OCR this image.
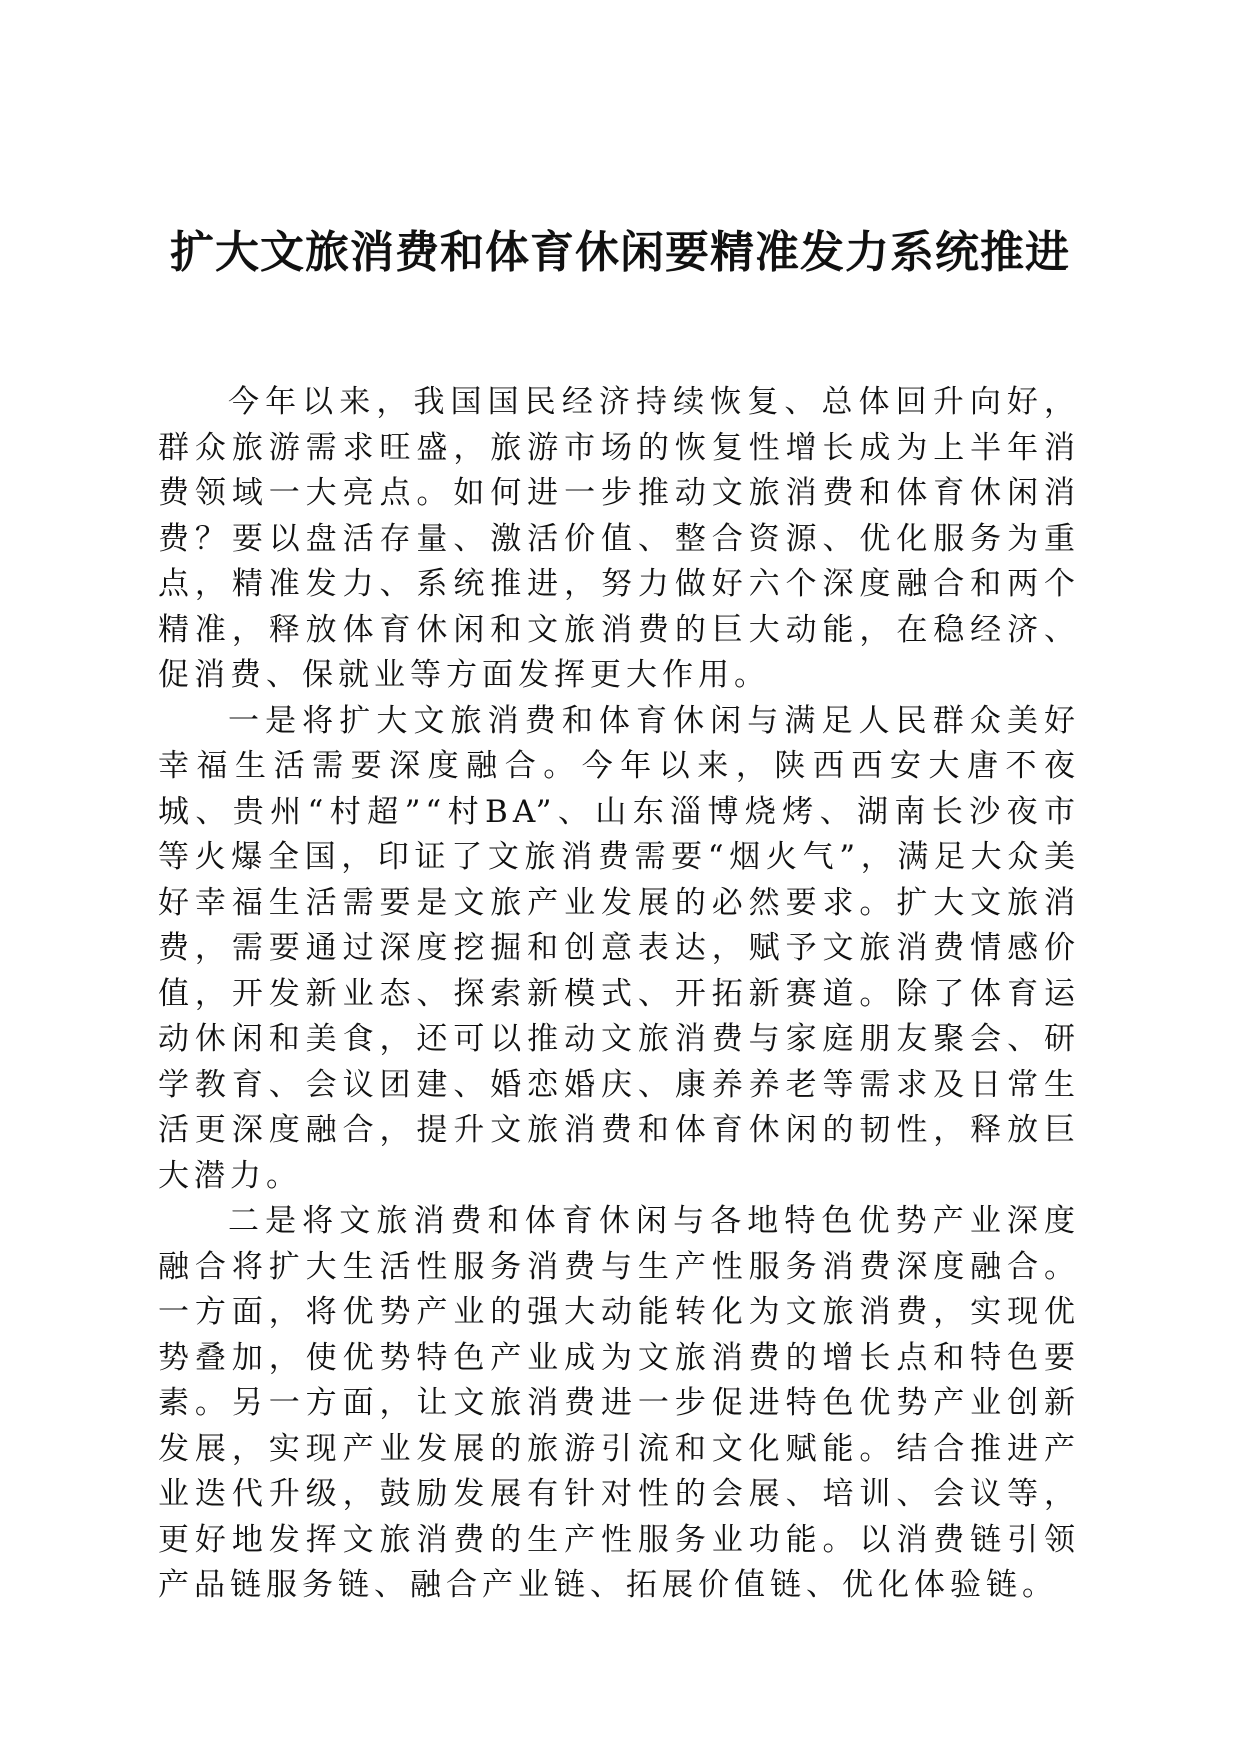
扩大文旅消费和体育休闲要精准发力系统推进

今年以来，我国国民经济持续恢复、总体回升向好，群众旅游需求旺盛，旅游市场的恢复性增长成为上半年消费领域一大亮点。如何进一步推动文旅消费和体育休闲消费？要以盘活存量、激活价值、整合资源、优化服务为重点，精准发力、系统推进，努力做好六个深度融合和两个精准，释放体育休闲和文旅消费的巨大动能，在稳经济、促消费、保就业等方面发挥更大作用。

一是将扩大文旅消费和体育休闲与满足人民群众美好幸福生活需要深度融合。今年以来，陕西西安大唐不夜城、贵州“村超”“村BA”、山东淄博烧烤、湖南长沙夜市等火爆全国，印证了文旅消费需要“烟火气”，满足大众美好幸福生活需要是文旅产业发展的必然要求。扩大文旅消费，需要通过深度挖掘和创意表达，赋予文旅消费情感价值，开发新业态、探索新模式、开拓新赛道。除了体育运动休闲和美食，还可以推动文旅消费与家庭朋友聚会、研学教育、会议团建、婚恋婚庆、康养养老等需求及日常生活更深度融合，提升文旅消费和体育休闲的韧性，释放巨大潜力。

二是将文旅消费和体育休闲与各地特色优势产业深度融合将扩大生活性服务消费与生产性服务消费深度融合。一方面，将优势产业的强大动能转化为文旅消费，实现优势叠加，使优势特色产业成为文旅消费的增长点和特色要素。另一方面，让文旅消费进一步促进特色优势产业创新发展，实现产业发展的旅游引流和文化赋能。结合推进产业迭代升级，鼓励发展有针对性的会展、培训、会议等，更好地发挥文旅消费的生产性服务业功能。以消费链引领产品链服务链、融合产业链、拓展价值链、优化体验链。
